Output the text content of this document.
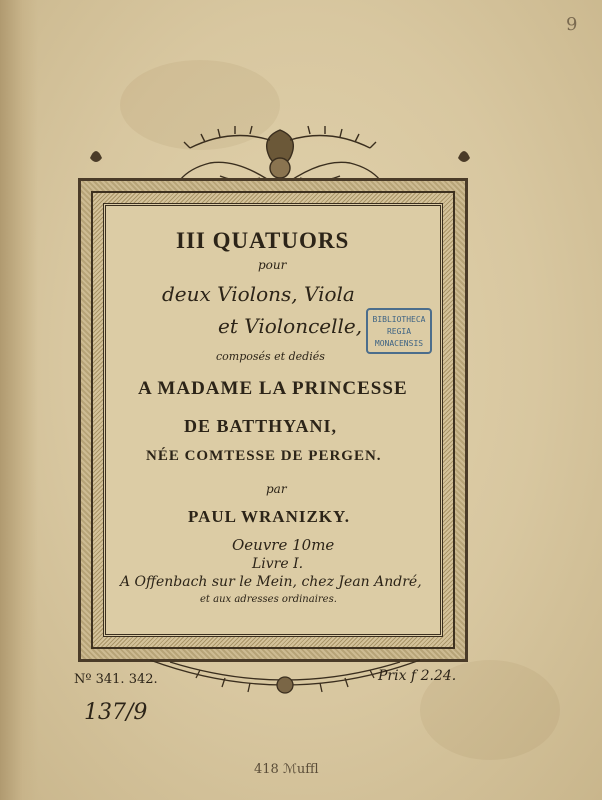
9
III QUATUORS
pour
deux Violons, Viola
et Violoncelle,
composés et dediés
BIBLIOTHECA
REGIA
MONACENSIS
A MADAME LA PRINCESSE
DE BATTHYANI,
NÉE COMTESSE DE PERGEN.
par
PAUL WRANIZKY.
Oeuvre 10me
Livre I.
A Offenbach sur le Mein, chez Jean André,
et aux adresses ordinaires.
Nº 341. 342.	Prix f 2.24.
137/9
418 ℳuffl
